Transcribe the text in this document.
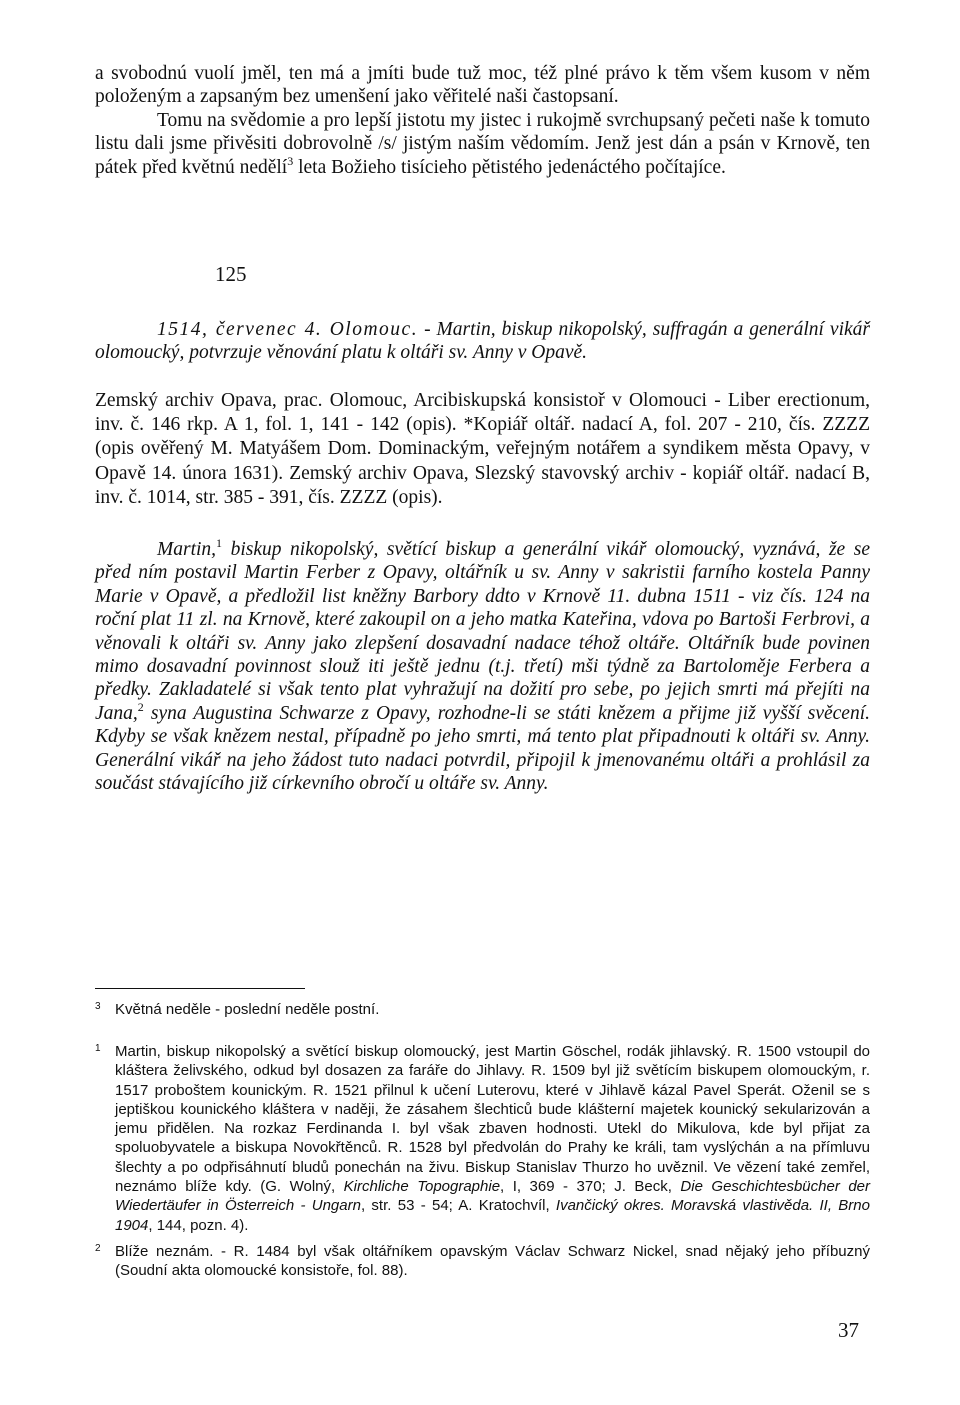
a svobodnú vuolí jměl, ten má a jmíti bude tuž moc, též plné právo k těm všem kusom v něm položeným a zapsaným bez umenšení jako věřitelé naši častopsaní.

Tomu na svědomie a pro lepší jistotu my jistec i rukojmě svrchupsaný pečeti naše k tomuto listu dali jsme přivěsiti dobrovolně /s/ jistým naším vědomím. Jenž jest dán a psán v Krnově, ten pátek před květnú nedělí$^3$ leta Božieho tisícieho pětistého jedenáctého počítajíce.

125

1514, červenec 4. Olomouc. - Martin, biskup nikopolský, suffragán a generální vikář olomoucký, potvrzuje věnování platu k oltáři sv. Anny v Opavě.

Zemský archiv Opava, prac. Olomouc, Arcibiskupská konsistoř v Olomouci - Liber erectionum, inv. č. 146 rkp. A 1, fol. 1, 141 - 142 (opis). *Kopiář oltář. nadací A, fol. 207 - 210, čís. ZZZZ (opis ověřený M. Matyášem Dom. Dominackým, veřejným notářem a syndikem města Opavy, v Opavě 14. února 1631). Zemský archiv Opava, Slezský stavovský archiv - kopiář oltář. nadací B, inv. č. 1014, str. 385 - 391, čís. ZZZZ (opis).

Martin,$^1$ biskup nikopolský, světící biskup a generální vikář olomoucký, vyznává, že se před ním postavil Martin Ferber z Opavy, oltářník u sv. Anny v sakristii farního kostela Panny Marie v Opavě, a předložil list kněžny Barbory ddto v Krnově 11. dubna 1511 - viz čís. 124 na roční plat 11 zl. na Krnově, které zakoupil on a jeho matka Kateřina, vdova po Bartoši Ferbrovi, a věnovali k oltáři sv. Anny jako zlepšení dosavadní nadace téhož oltáře. Oltářník bude povinen mimo dosavadní povinnost slouž iti ještě jednu (t.j. třetí) mši týdně za Bartoloměje Ferbera a předky. Zakladatelé si však tento plat vyhražují na dožití pro sebe, po jejich smrti má přejíti na Jana,$^2$ syna Augustina Schwarze z Opavy, rozhodne-li se státi knězem a přijme již vyšší svěcení. Kdyby se však knězem nestal, případně po jeho smrti, má tento plat připadnouti k oltáři sv. Anny. Generální vikář na jeho žádost tuto nadaci potvrdil, připojil k jmenovanému oltáři a prohlásil za součást stávajícího již církevního obročí u oltáře sv. Anny.

3 Květná neděle - poslední neděle postní.

1 Martin, biskup nikopolský a světící biskup olomoucký, jest Martin Göschel, rodák jihlavský. R. 1500 vstoupil do kláštera želivského, odkud byl dosazen za faráře do Jihlavy. R. 1509 byl již světícím biskupem olomouckým, r. 1517 proboštem kounickým. R. 1521 přilnul k učení Luterovu, které v Jihlavě kázal Pavel Sperát. Oženil se s jeptiškou kounického kláštera v naději, že zásahem šlechticů bude klášterní majetek kounický sekularizován a jemu přidělen. Na rozkaz Ferdinanda I. byl však zbaven hodnosti. Utekl do Mikulova, kde byl přijat za spoluobyvatele a biskupa Novokřtěnců. R. 1528 byl předvolán do Prahy ke králi, tam vyslýchán a na přímluvu šlechty a po odpřisáhnutí bludů ponechán na živu. Biskup Stanislav Thurzo ho uvěznil. Ve vězení také zemřel, neznámo blíže kdy. (G. Wolný, Kirchliche Topographie, I, 369 - 370; J. Beck, Die Geschichtesbücher der Wiedertäufer in Österreich - Ungarn, str. 53 - 54; A. Kratochvíl, Ivančický okres. Moravská vlastivěda. II, Brno 1904, 144, pozn. 4).

2 Blíže neznám. - R. 1484 byl však oltářníkem opavským Václav Schwarz Nickel, snad nějaký jeho příbuzný (Soudní akta olomoucké konsistoře, fol. 88).

37
